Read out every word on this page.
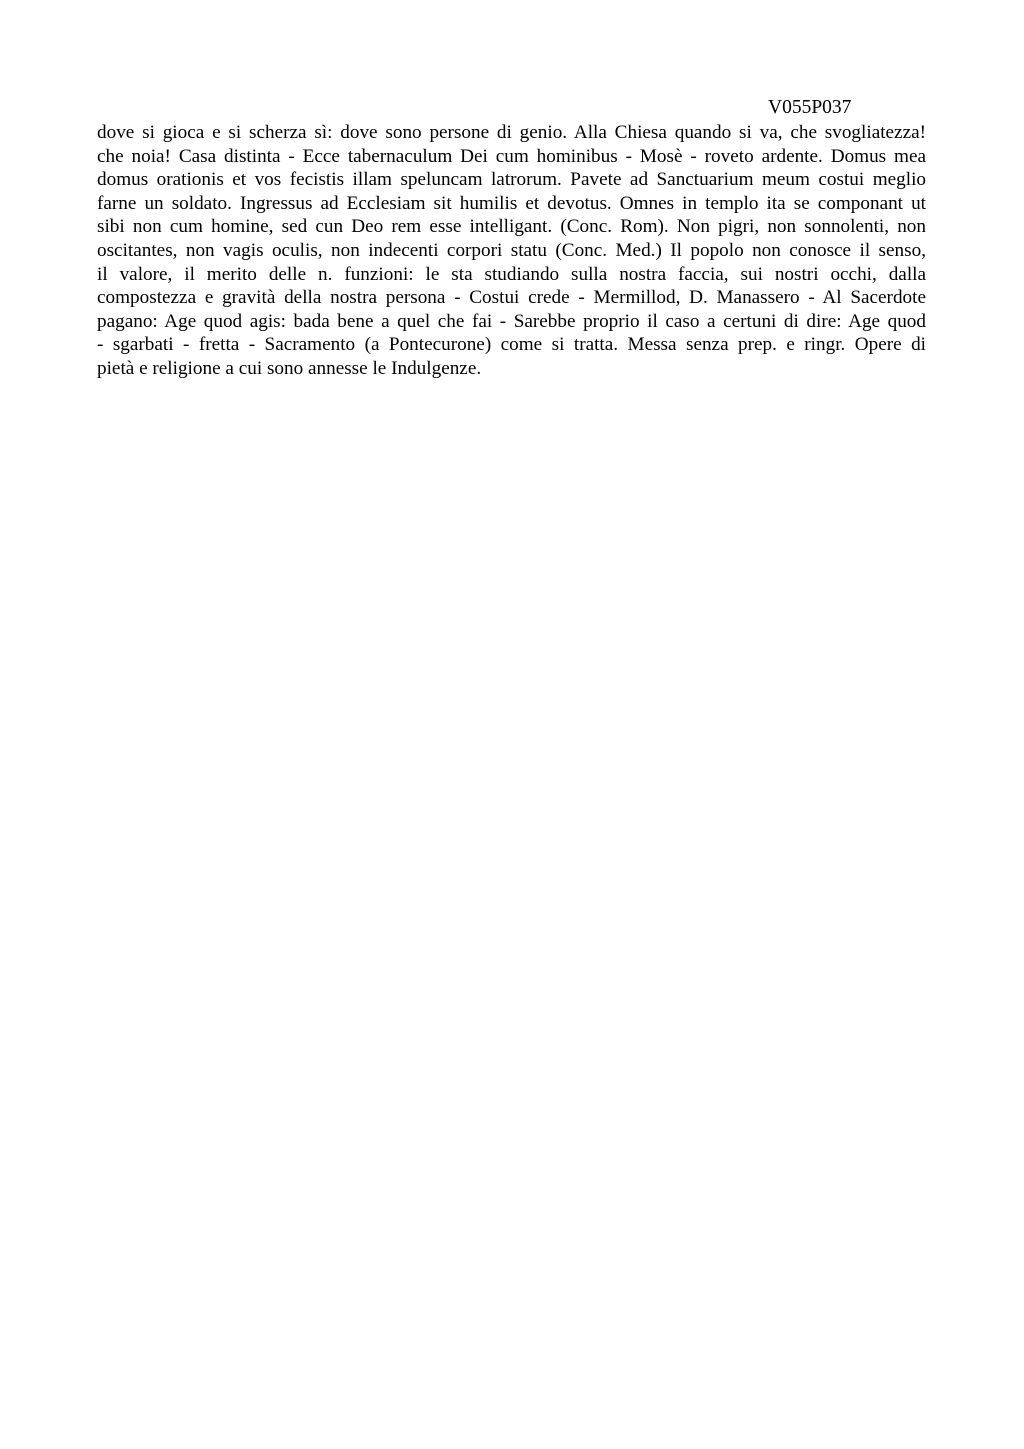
V055P037
dove si gioca e si scherza sì: dove sono persone di genio. Alla Chiesa quando si va, che svogliatezza!
che noia! Casa distinta - Ecce tabernaculum Dei cum hominibus - Mosè - roveto ardente. Domus mea
domus orationis et vos fecistis illam speluncam latrorum. Pavete ad Sanctuarium meum costui meglio
farne un soldato. Ingressus ad Ecclesiam sit humilis et devotus. Omnes in templo ita se componant ut
sibi non cum homine, sed cun Deo rem esse intelligant. (Conc. Rom). Non pigri, non sonnolenti, non
oscitantes, non vagis oculis, non indecenti corpori statu (Conc. Med.) Il popolo non conosce il senso,
il valore, il merito delle n. funzioni: le sta studiando sulla nostra faccia, sui nostri occhi, dalla
compostezza e gravità della nostra persona - Costui crede - Mermillod, D. Manassero - Al Sacerdote
pagano: Age quod agis: bada bene a quel che fai - Sarebbe proprio il caso a certuni di dire: Age quod
- sgarbati - fretta - Sacramento (a Pontecurone) come si tratta. Messa senza prep. e ringr. Opere di
pietà e religione a cui sono annesse le Indulgenze.
